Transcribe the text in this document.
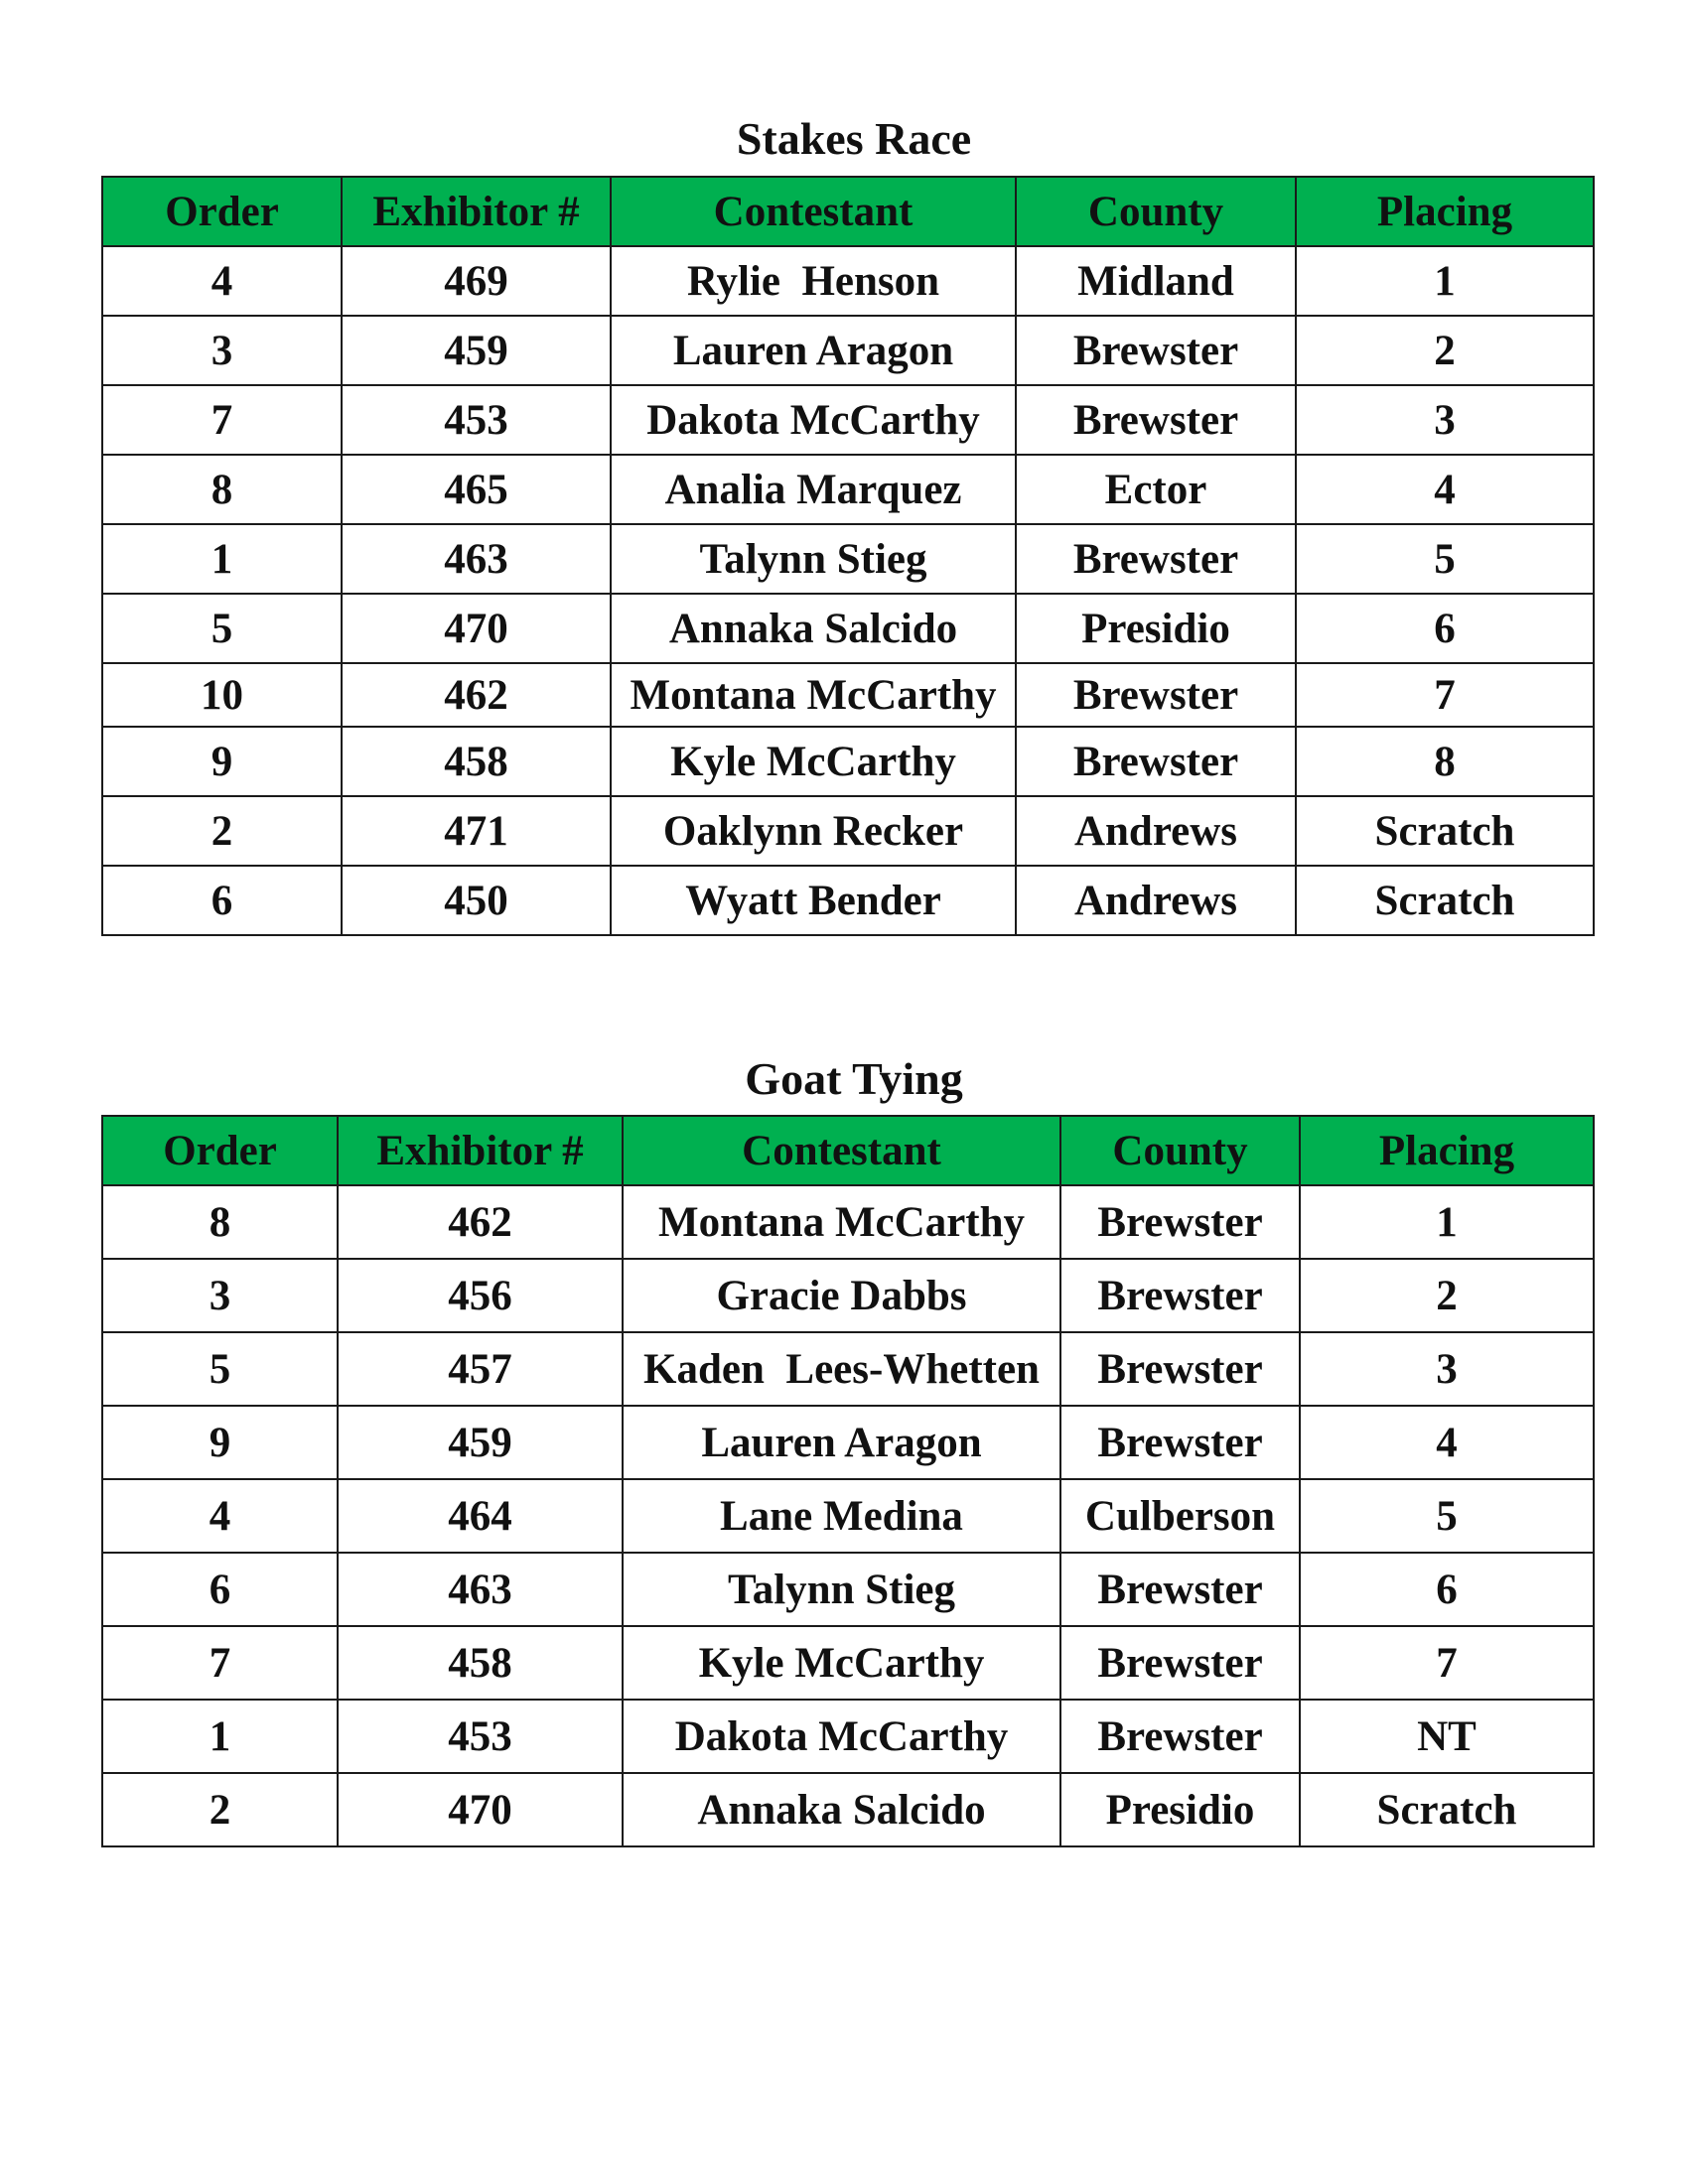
Stakes Race
Order	Exhibitor #	Contestant	County	Placing
4	469	Rylie  Henson	Midland	1
3	459	Lauren Aragon	Brewster	2
7	453	Dakota McCarthy	Brewster	3
8	465	Analia Marquez	Ector	4
1	463	Talynn Stieg	Brewster	5
5	470	Annaka Salcido	Presidio	6
10	462	Montana McCarthy	Brewster	7
9	458	Kyle McCarthy	Brewster	8
2	471	Oaklynn Recker	Andrews	Scratch
6	450	Wyatt Bender	Andrews	Scratch
Goat Tying
Order	Exhibitor #	Contestant	County	Placing
8	462	Montana McCarthy	Brewster	1
3	456	Gracie Dabbs	Brewster	2
5	457	Kaden  Lees-Whetten	Brewster	3
9	459	Lauren Aragon	Brewster	4
4	464	Lane Medina	Culberson	5
6	463	Talynn Stieg	Brewster	6
7	458	Kyle McCarthy	Brewster	7
1	453	Dakota McCarthy	Brewster	NT
2	470	Annaka Salcido	Presidio	Scratch
